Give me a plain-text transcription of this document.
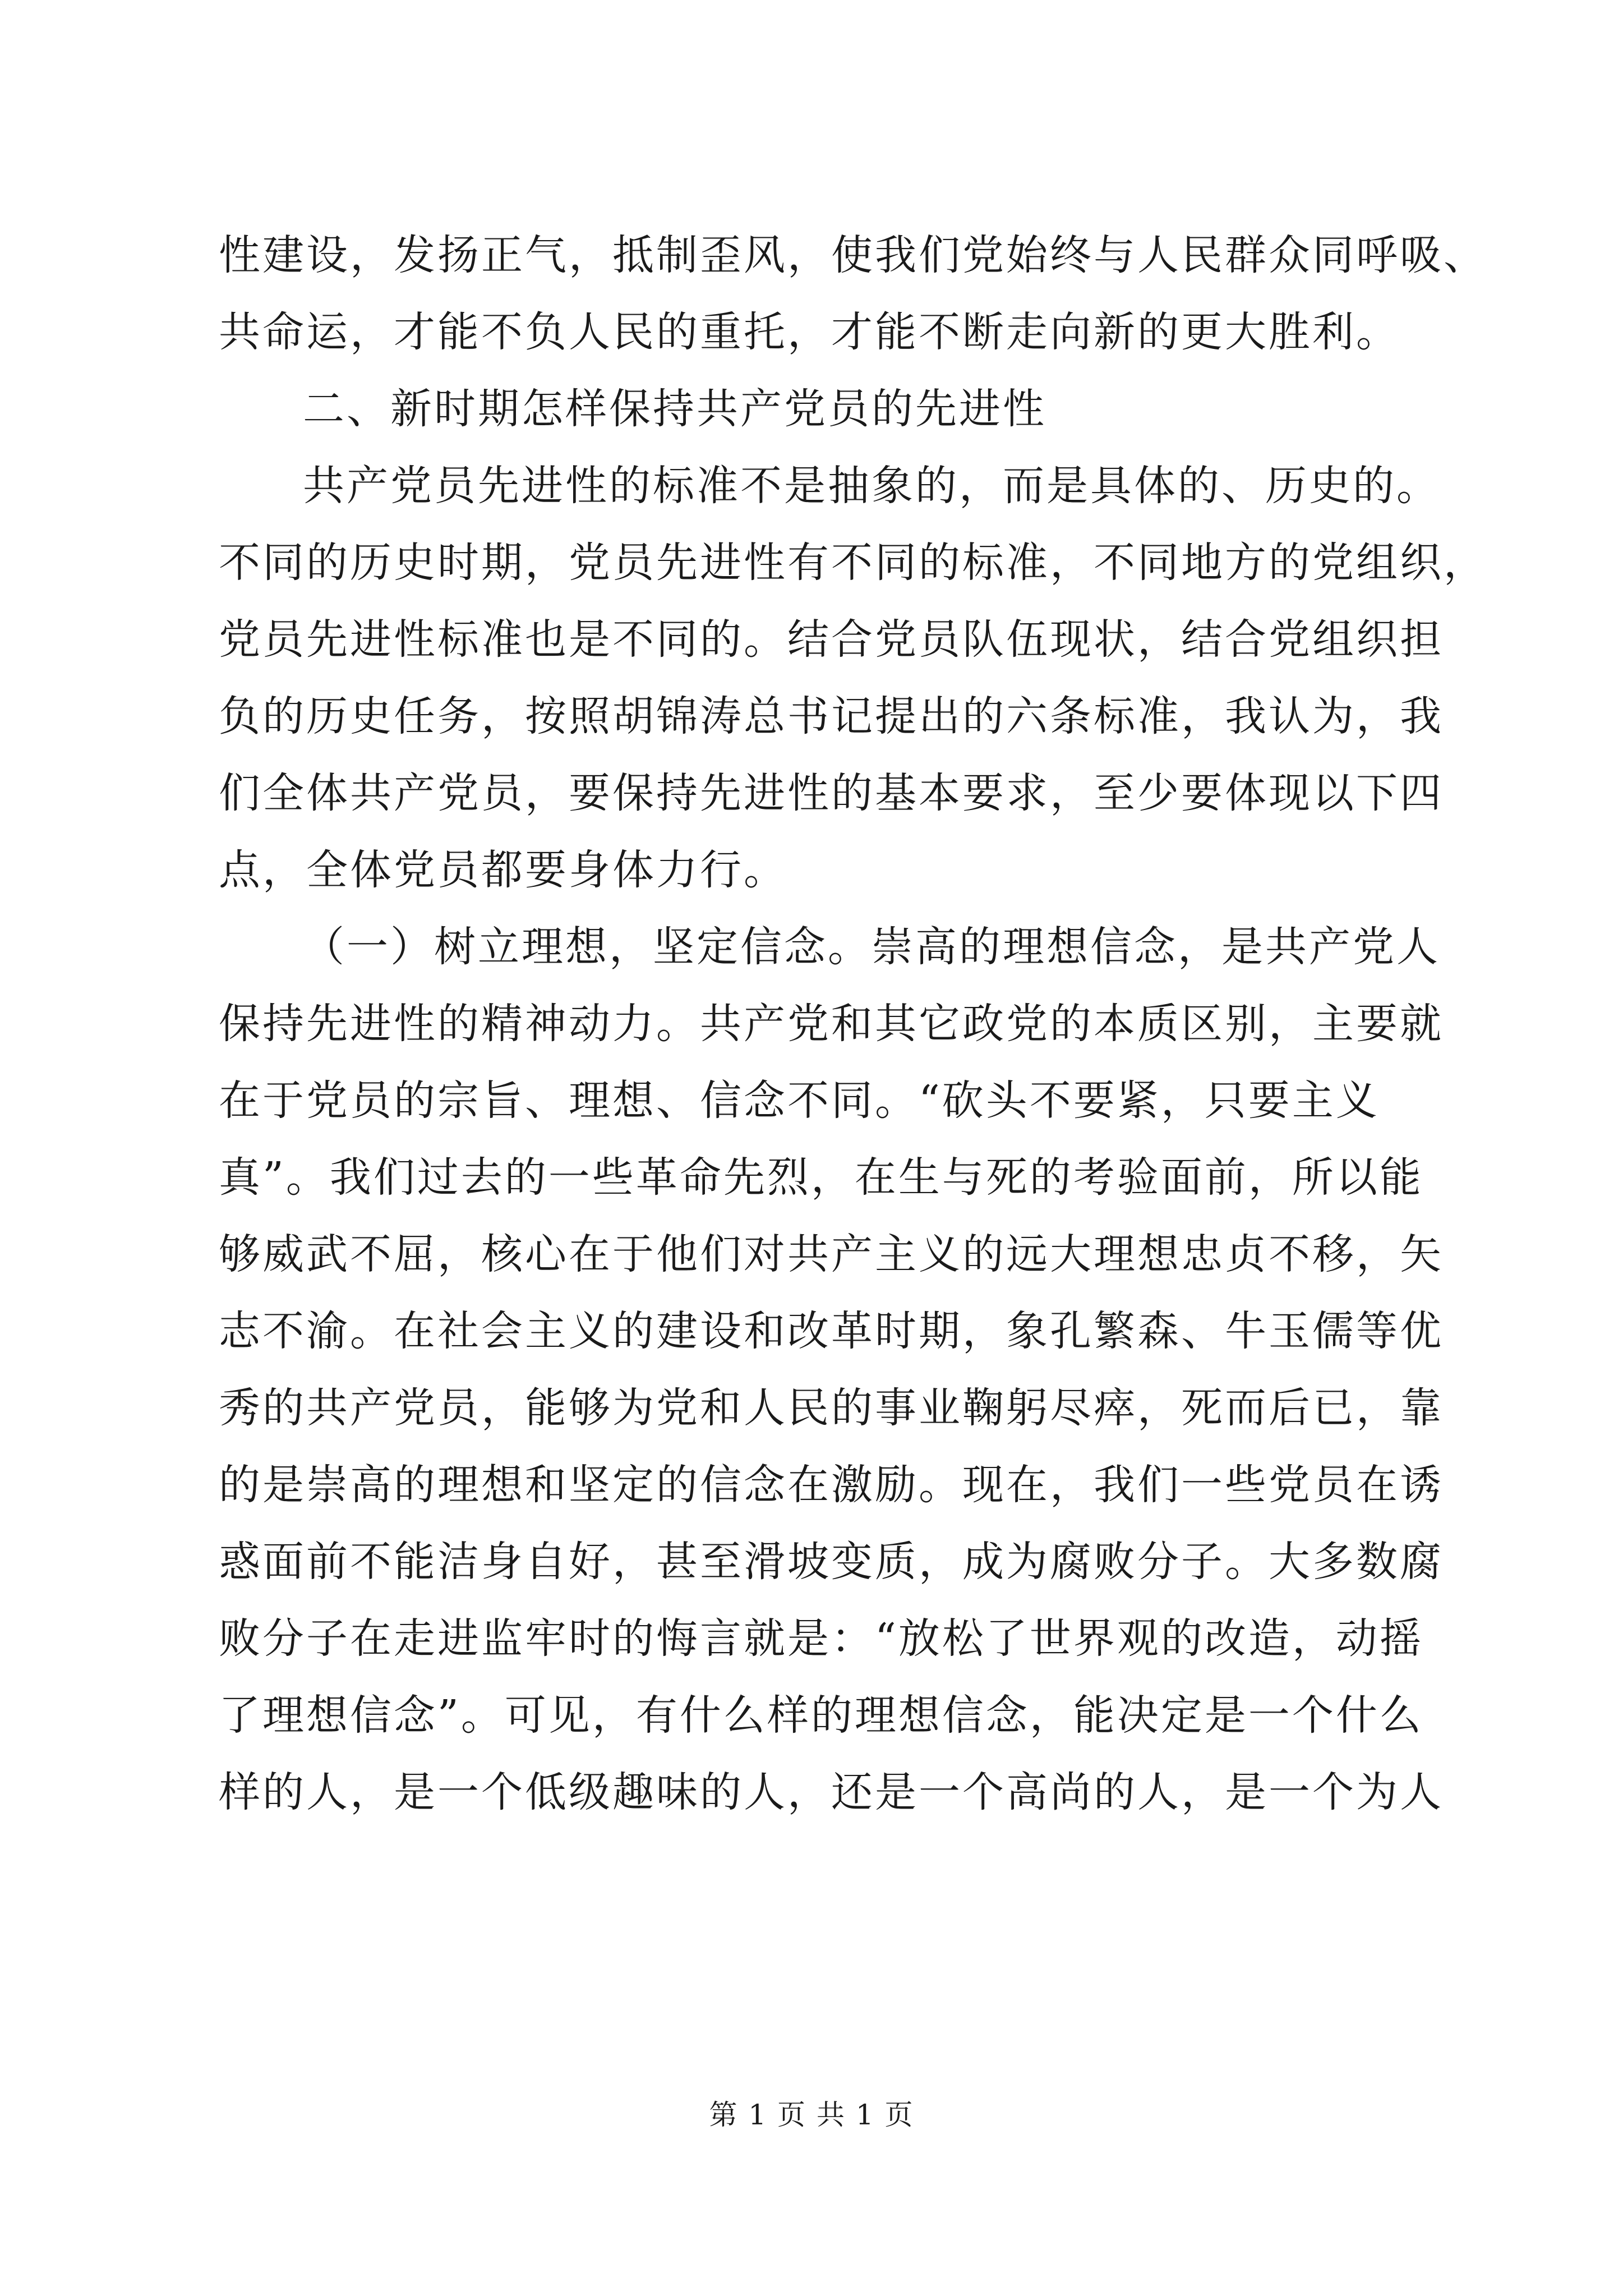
性建设，发扬正气，抵制歪风，使我们党始终与人民群众同呼吸、
共命运，才能不负人民的重托，才能不断走向新的更大胜利。
二、新时期怎样保持共产党员的先进性
共产党员先进性的标准不是抽象的，而是具体的、历史的。
不同的历史时期，党员先进性有不同的标准，不同地方的党组织，
党员先进性标准也是不同的。结合党员队伍现状，结合党组织担
负的历史任务，按照胡锦涛总书记提出的六条标准，我认为，我
们全体共产党员，要保持先进性的基本要求，至少要体现以下四
点，全体党员都要身体力行。
（一）树立理想，坚定信念。崇高的理想信念，是共产党人
保持先进性的精神动力。共产党和其它政党的本质区别，主要就
在于党员的宗旨、理想、信念不同。“砍头不要紧，只要主义
真”。我们过去的一些革命先烈，在生与死的考验面前，所以能
够威武不屈，核心在于他们对共产主义的远大理想忠贞不移，矢
志不渝。在社会主义的建设和改革时期，象孔繁森、牛玉儒等优
秀的共产党员，能够为党和人民的事业鞠躬尽瘁，死而后已，靠
的是崇高的理想和坚定的信念在激励。现在，我们一些党员在诱
惑面前不能洁身自好，甚至滑坡变质，成为腐败分子。大多数腐
败分子在走进监牢时的悔言就是：“放松了世界观的改造，动摇
了理想信念”。可见，有什么样的理想信念，能决定是一个什么
样的人，是一个低级趣味的人，还是一个高尚的人，是一个为人
第 1 页 共 1 页
